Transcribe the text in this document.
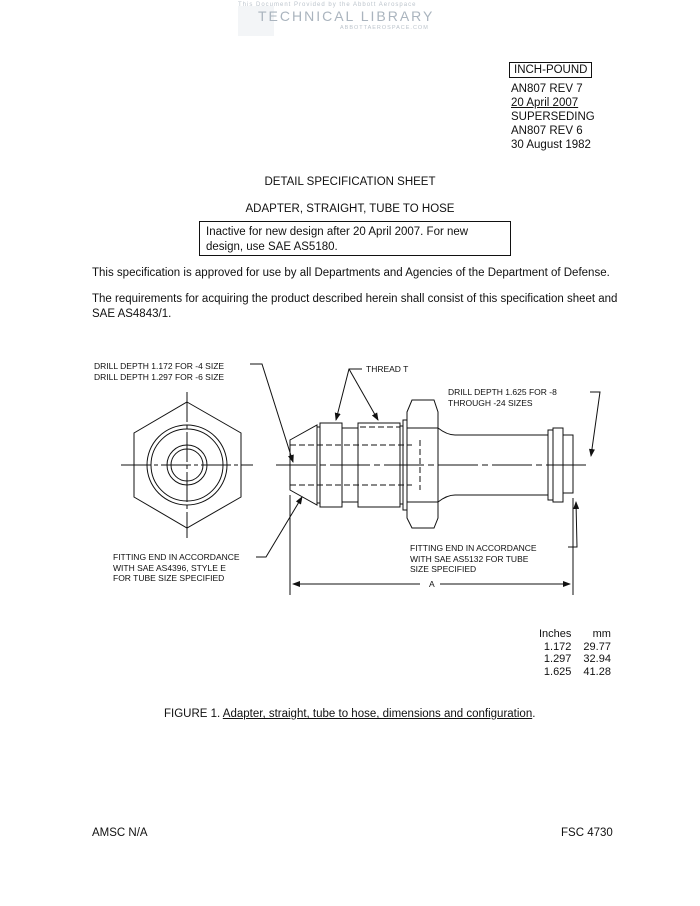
This Document Provided by the Abbott Aerospace
TECHNICAL LIBRARY
ABBOTTAEROSPACE.COM
INCH-POUND
AN807 REV 7
20 April 2007
SUPERSEDING
AN807 REV 6
30 August 1982
DETAIL SPECIFICATION SHEET
ADAPTER, STRAIGHT, TUBE TO HOSE
Inactive for new design after 20 April 2007. For new design, use SAE AS5180.
This specification is approved for use by all Departments and Agencies of the Department of Defense.
The requirements for acquiring the product described herein shall consist of this specification sheet and SAE AS4843/1.
DRILL DEPTH 1.172 FOR -4 SIZE
DRILL DEPTH 1.297 FOR -6 SIZE
THREAD T
DRILL DEPTH 1.625 FOR -8
THROUGH -24 SIZES
FITTING END IN ACCORDANCE
WITH SAE AS4396, STYLE E
FOR TUBE SIZE SPECIFIED
FITTING END IN ACCORDANCE
WITH SAE AS5132 FOR TUBE
SIZE SPECIFIED
A
Inches	mm
1.172	29.77
1.297	32.94
1.625	41.28
FIGURE 1. Adapter, straight, tube to hose, dimensions and configuration.
AMSC N/A	FSC 4730
